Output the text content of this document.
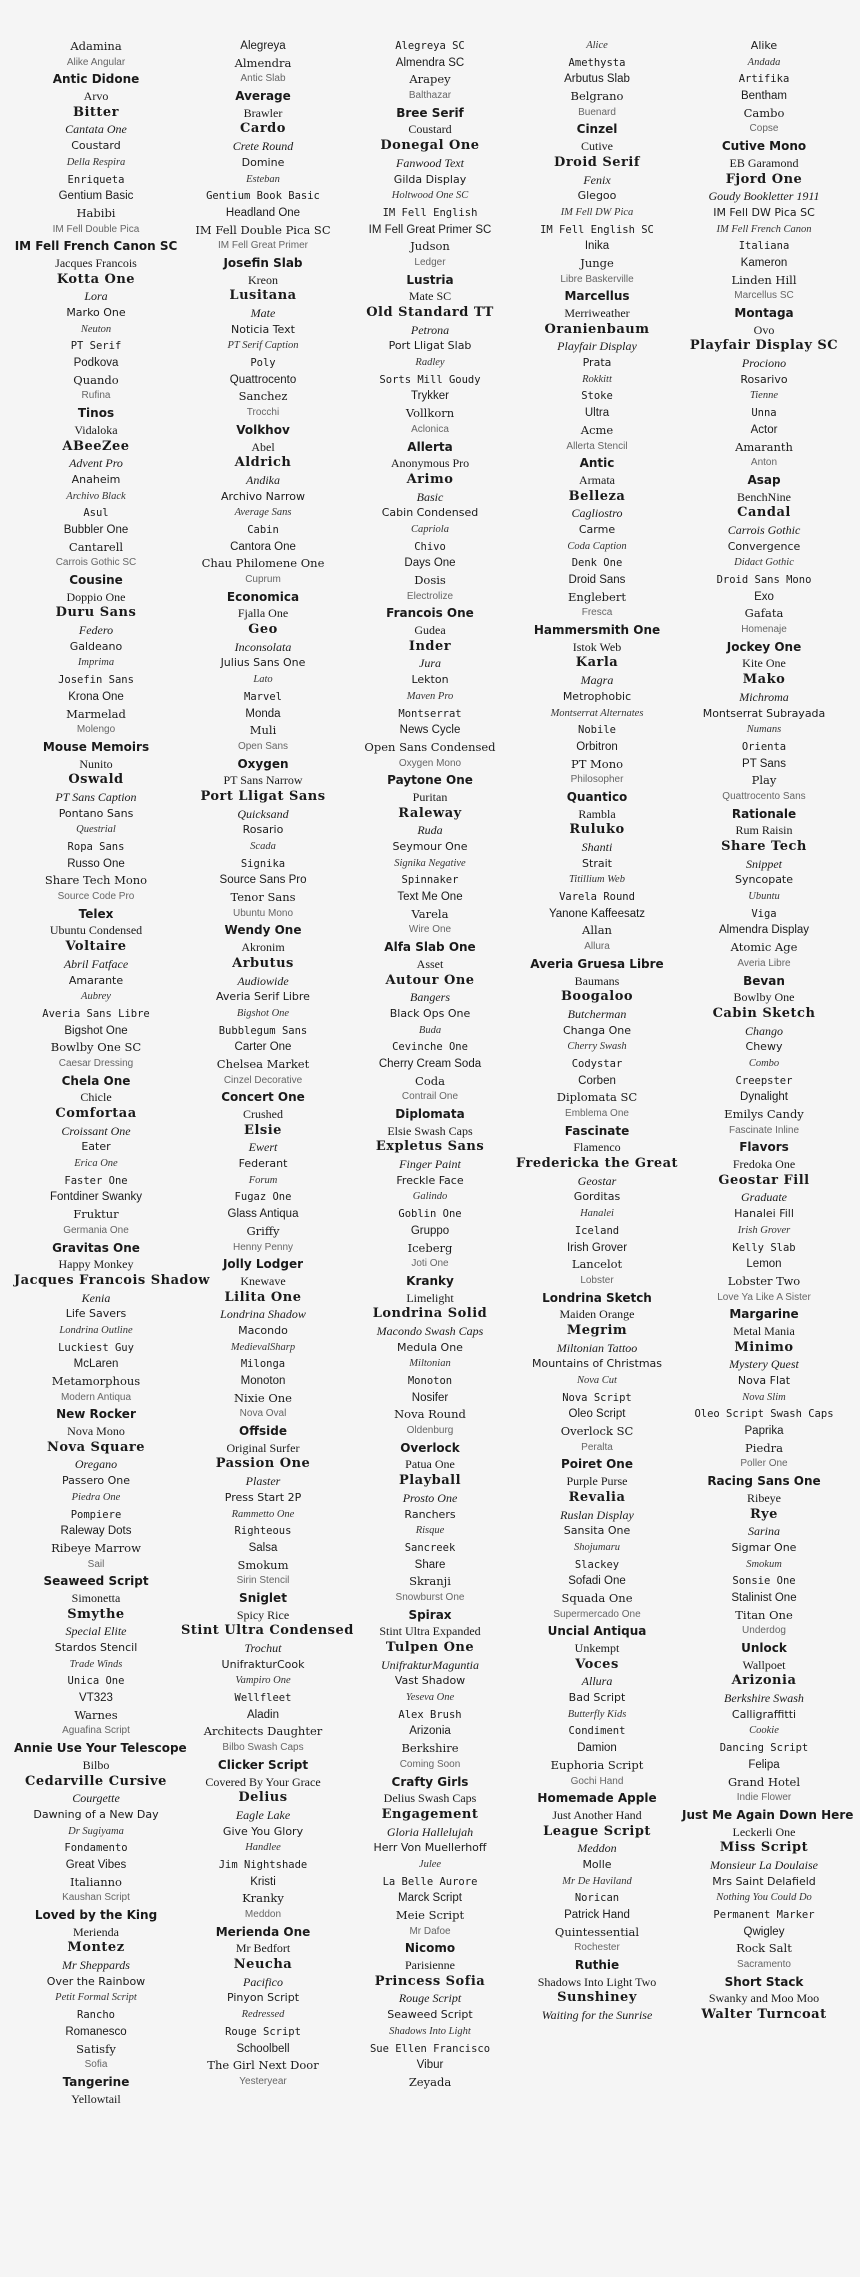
Adamina
Alike Angular
Antic Didone
Arvo
Bitter
Cantata One
Coustard
Della Respira
Enriqueta
Gentium Basic
Habibi
IM Fell Double Pica
IM Fell French Canon SC
Jacques Francois
Kotta One
Lora
Marko One
Neuton
PT Serif
Podkova
Quando
Rufina
Tinos
Vidaloka
ABeeZee
Advent Pro
Anaheim
Archivo Black
Asul
Bubbler One
Cantarell
Carrois Gothic SC
Cousine
Doppio One
Duru Sans
Federo
Galdeano
Imprima
Josefin Sans
Krona One
Marmelad
Molengo
Mouse Memoirs
Nunito
Oswald
PT Sans Caption
Pontano Sans
Questrial
Ropa Sans
Russo One
Share Tech Mono
Source Code Pro
Telex
Ubuntu Condensed
Voltaire
Abril Fatface
Amarante
Aubrey
Averia Sans Libre
Bigshot One
Bowlby One SC
Caesar Dressing
Chela One
Chicle
Comfortaa
Croissant One
Eater
Erica One
Faster One
Fontdiner Swanky
Fruktur
Germania One
Gravitas One
Happy Monkey
Jacques Francois Shadow
Kenia
Life Savers
Londrina Outline
Luckiest Guy
McLaren
Metamorphous
Modern Antiqua
New Rocker
Nova Mono
Nova Square
Oregano
Passero One
Piedra One
Pompiere
Raleway Dots
Ribeye Marrow
Sail
Seaweed Script
Simonetta
Smythe
Special Elite
Stardos Stencil
Trade Winds
Unica One
VT323
Warnes
Aguafina Script
Annie Use Your Telescope
Bilbo
Cedarville Cursive
Courgette
Dawning of a New Day
Dr Sugiyama
Fondamento
Great Vibes
Italianno
Kaushan Script
Loved by the King
Merienda
Montez
Mr Sheppards
Over the Rainbow
Petit Formal Script
Rancho
Romanesco
Satisfy
Sofia
Tangerine
Yellowtail
Alegreya
Almendra
Antic Slab
Average
Brawler
Cardo
Crete Round
Domine
Esteban
Gentium Book Basic
Headland One
IM Fell Double Pica SC
IM Fell Great Primer
Josefin Slab
Kreon
Lusitana
Mate
Noticia Text
PT Serif Caption
Poly
Quattrocento
Sanchez
Trocchi
Volkhov
Abel
Aldrich
Andika
Archivo Narrow
Average Sans
Cabin
Cantora One
Chau Philomene One
Cuprum
Economica
Fjalla One
Geo
Inconsolata
Julius Sans One
Lato
Marvel
Monda
Muli
Open Sans
Oxygen
PT Sans Narrow
Port Lligat Sans
Quicksand
Rosario
Scada
Signika
Source Sans Pro
Tenor Sans
Ubuntu Mono
Wendy One
Akronim
Arbutus
Audiowide
Averia Serif Libre
Bigshot One
Bubblegum Sans
Carter One
Chelsea Market
Cinzel Decorative
Concert One
Crushed
Elsie
Ewert
Federant
Forum
Fugaz One
Glass Antiqua
Griffy
Henny Penny
Jolly Lodger
Knewave
Lilita One
Londrina Shadow
Macondo
MedievalSharp
Milonga
Monoton
Nixie One
Nova Oval
Offside
Original Surfer
Passion One
Plaster
Press Start 2P
Rammetto One
Righteous
Salsa
Smokum
Sirin Stencil
Sniglet
Spicy Rice
Stint Ultra Condensed
Trochut
UnifrakturCook
Vampiro One
Wellfleet
Aladin
Architects Daughter
Bilbo Swash Caps
Clicker Script
Covered By Your Grace
Delius
Eagle Lake
Give You Glory
Handlee
Jim Nightshade
Kristi
Kranky
Meddon
Merienda One
Mr Bedfort
Neucha
Pacifico
Pinyon Script
Redressed
Rouge Script
Schoolbell
The Girl Next Door
Yesteryear
Alegreya SC
Almendra SC
Arapey
Balthazar
Bree Serif
Coustard
Donegal One
Fanwood Text
Gilda Display
Holtwood One SC
IM Fell English
IM Fell Great Primer SC
Judson
Ledger
Lustria
Mate SC
Old Standard TT
Petrona
Port Lligat Slab
Radley
Sorts Mill Goudy
Trykker
Vollkorn
Aclonica
Allerta
Anonymous Pro
Arimo
Basic
Cabin Condensed
Capriola
Chivo
Days One
Dosis
Electrolize
Francois One
Gudea
Inder
Jura
Lekton
Maven Pro
Montserrat
News Cycle
Open Sans Condensed
Oxygen Mono
Paytone One
Puritan
Raleway
Ruda
Seymour One
Signika Negative
Spinnaker
Text Me One
Varela
Wire One
Alfa Slab One
Asset
Autour One
Bangers
Black Ops One
Buda
Cevinche One
Cherry Cream Soda
Coda
Contrail One
Diplomata
Elsie Swash Caps
Expletus Sans
Finger Paint
Freckle Face
Galindo
Goblin One
Gruppo
Iceberg
Joti One
Kranky
Limelight
Londrina Solid
Macondo Swash Caps
Medula One
Miltonian
Monoton
Nosifer
Nova Round
Oldenburg
Overlock
Patua One
Playball
Prosto One
Ranchers
Risque
Sancreek
Share
Skranji
Snowburst One
Spirax
Stint Ultra Expanded
Tulpen One
UnifrakturMaguntia
Vast Shadow
Yeseva One
Alex Brush
Arizonia
Berkshire
Coming Soon
Crafty Girls
Delius Swash Caps
Engagement
Gloria Hallelujah
Herr Von Muellerhoff
Julee
La Belle Aurore
Marck Script
Meie Script
Mr Dafoe
Nicomo
Parisienne
Princess Sofia
Rouge Script
Seaweed Script
Shadows Into Light
Sue Ellen Francisco
Vibur
Zeyada
Alice
Amethysta
Arbutus Slab
Belgrano
Buenard
Cinzel
Cutive
Droid Serif
Fenix
Glegoo
IM Fell DW Pica
IM Fell English SC
Inika
Junge
Libre Baskerville
Marcellus
Merriweather
Oranienbaum
Playfair Display
Prata
Rokkitt
Stoke
Ultra
Acme
Allerta Stencil
Antic
Armata
Belleza
Cagliostro
Carme
Coda Caption
Denk One
Droid Sans
Englebert
Fresca
Hammersmith One
Istok Web
Karla
Magra
Metrophobic
Montserrat Alternates
Nobile
Orbitron
PT Mono
Philosopher
Quantico
Rambla
Ruluko
Shanti
Strait
Titillium Web
Varela Round
Yanone Kaffeesatz
Allan
Allura
Averia Gruesa Libre
Baumans
Boogaloo
Butcherman
Changa One
Cherry Swash
Codystar
Corben
Diplomata SC
Emblema One
Fascinate
Flamenco
Fredericka the Great
Geostar
Gorditas
Hanalei
Iceland
Irish Grover
Lancelot
Lobster
Londrina Sketch
Maiden Orange
Megrim
Miltonian Tattoo
Mountains of Christmas
Nova Cut
Nova Script
Oleo Script
Overlock SC
Peralta
Poiret One
Purple Purse
Revalia
Ruslan Display
Sansita One
Shojumaru
Slackey
Sofadi One
Squada One
Supermercado One
Uncial Antiqua
Unkempt
Voces
Allura
Bad Script
Butterfly Kids
Condiment
Damion
Euphoria Script
Gochi Hand
Homemade Apple
Just Another Hand
League Script
Meddon
Molle
Mr De Haviland
Norican
Patrick Hand
Quintessential
Rochester
Ruthie
Shadows Into Light Two
Sunshiney
Waiting for the Sunrise
Alike
Andada
Artifika
Bentham
Cambo
Copse
Cutive Mono
EB Garamond
Fjord One
Goudy Bookletter 1911
IM Fell DW Pica SC
IM Fell French Canon
Italiana
Kameron
Linden Hill
Marcellus SC
Montaga
Ovo
Playfair Display SC
Prociono
Rosarivo
Tienne
Unna
Actor
Amaranth
Anton
Asap
BenchNine
Candal
Carrois Gothic
Convergence
Didact Gothic
Droid Sans Mono
Exo
Gafata
Homenaje
Jockey One
Kite One
Mako
Michroma
Montserrat Subrayada
Numans
Orienta
PT Sans
Play
Quattrocento Sans
Rationale
Rum Raisin
Share Tech
Snippet
Syncopate
Ubuntu
Viga
Almendra Display
Atomic Age
Averia Libre
Bevan
Bowlby One
Cabin Sketch
Chango
Chewy
Combo
Creepster
Dynalight
Emilys Candy
Fascinate Inline
Flavors
Fredoka One
Geostar Fill
Graduate
Hanalei Fill
Irish Grover
Kelly Slab
Lemon
Lobster Two
Love Ya Like A Sister
Margarine
Metal Mania
Minimo
Mystery Quest
Nova Flat
Nova Slim
Oleo Script Swash Caps
Paprika
Piedra
Poller One
Racing Sans One
Ribeye
Rye
Sarina
Sigmar One
Smokum
Sonsie One
Stalinist One
Titan One
Underdog
Unlock
Wallpoet
Arizonia
Berkshire Swash
Calligraffitti
Cookie
Dancing Script
Felipa
Grand Hotel
Indie Flower
Just Me Again Down Here
Leckerli One
Miss Script
Monsieur La Doulaise
Mrs Saint Delafield
Nothing You Could Do
Permanent Marker
Qwigley
Rock Salt
Sacramento
Short Stack
Swanky and Moo Moo
Walter Turncoat
